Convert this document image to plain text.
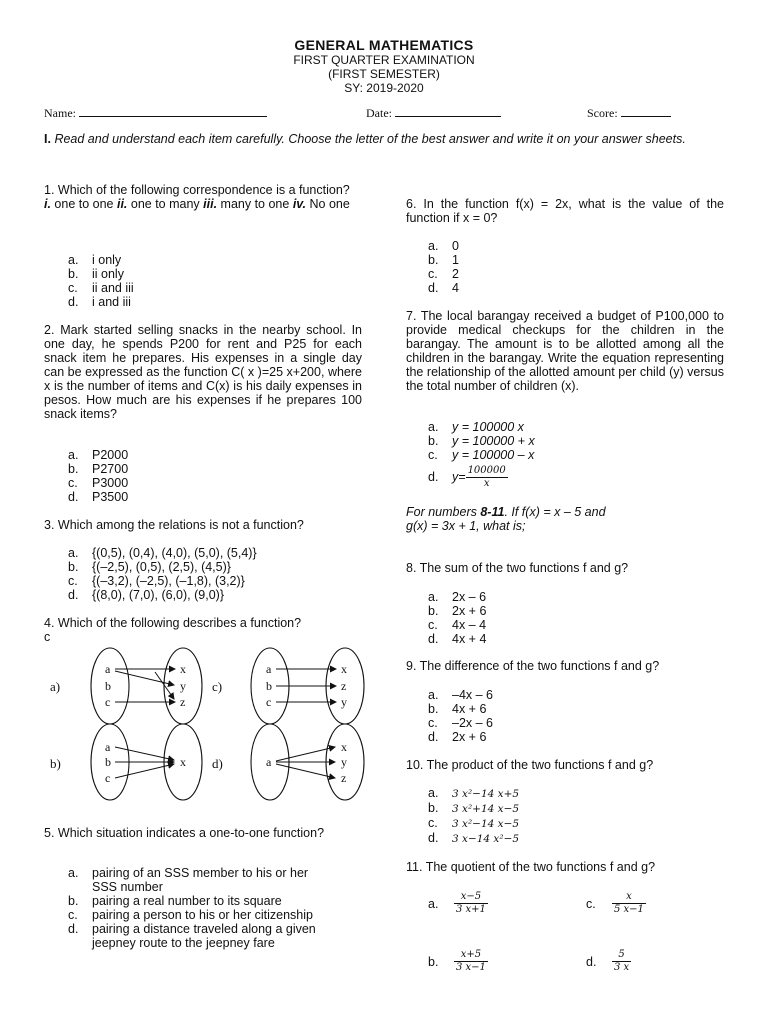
GENERAL MATHEMATICS
FIRST QUARTER EXAMINATION
(FIRST SEMESTER)
SY: 2019-2020
Name:	Date:	Score:
I. Read and understand each item carefully. Choose the letter of the best answer and write it on your answer sheets.
1. Which of the following correspondence is a function?
i. one to one ii. one to many iii. many to one iv. No one
a. i only
b. ii only
c. ii and iii
d. i and iii
2. Mark started selling snacks in the nearby school. In one day, he spends P200 for rent and P25 for each snack item he prepares. His expenses in a single day can be expressed as the function C( x )=25 x+200, where x is the number of items and C(x) is his daily expenses in pesos. How much are his expenses if he prepares 100 snack items?
a. P2000
b. P2700
c. P3000
d. P3500
3. Which among the relations is not a function?
a. {(0,5), (0,4), (4,0), (5,0), (5,4)}
b. {(–2,5), (0,5), (2,5), (4,5)}
c. {(–3,2), (–2,5), (–1,8), (3,2)}
d. {(8,0), (7,0), (6,0), (9,0)}
4. Which of the following describes a function?
c
a)
b)
c)
d)
a
b
c
x
y
z
a
b
c
x
z
y
a
b
c
x	a
x
y
z
5. Which situation indicates a one-to-one function?
a. pairing of an SSS member to his or her
SSS number
b. pairing a real number to its square
c. pairing a person to his or her citizenship
d. pairing a distance traveled along a given
jeepney route to the jeepney fare
6. In the function f(x) = 2x, what is the value of the function if x = 0?
a. 0
b. 1
c. 2
d. 4
7. The local barangay received a budget of P100,000 to provide medical checkups for the children in the barangay. The amount is to be allotted among all the children in the barangay. Write the equation representing the relationship of the allotted amount per child (y) versus the total number of children (x).
a. y = 100000 x
b. y = 100000 + x
c. y = 100000 – x
d. $y= \frac{100000}{x}$
For numbers 8-11. If f(x) = x – 5 and
g(x) = 3x + 1, what is;
8. The sum of the two functions f and g?
a. 2x – 6
b. 2x + 6
c. 4x – 4
d. 4x + 4
9. The difference of the two functions f and g?
a. –4x – 6
b. 4x + 6
c. –2x – 6
d. 2x + 6
10. The product of the two functions f and g?
a. 3 x²−14 x+5
b. 3 x²+14 x−5
c. 3 x²−14 x−5
d. 3 x−14 x²−5
11. The quotient of the two functions f and g?
a. $\frac{x-5}{3 x+1}$	c. $\frac{x}{5 x-1}$
b. $\frac{x+5}{3 x-1}$	d. $\frac{5}{3 x}$
